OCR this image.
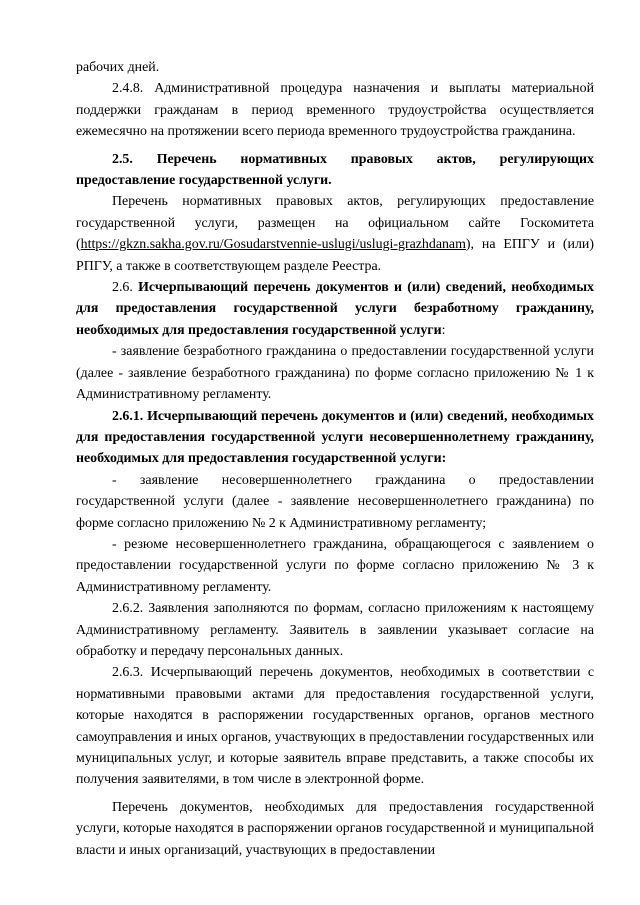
рабочих дней.

2.4.8. Административной процедура назначения и выплаты материальной поддержки гражданам в период временного трудоустройства осуществляется ежемесячно на протяжении всего периода временного трудоустройства гражданина.

2.5. Перечень нормативных правовых актов, регулирующих предоставление государственной услуги.

Перечень нормативных правовых актов, регулирующих предоставление государственной услуги, размещен на официальном сайте Госкомитета (https://gkzn.sakha.gov.ru/Gosudarstvennie-uslugi/uslugi-grazhdanam), на ЕПГУ и (или) РПГУ, а также в соответствующем разделе Реестра.

2.6. Исчерпывающий перечень документов и (или) сведений, необходимых для предоставления государственной услуги безработному гражданину, необходимых для предоставления государственной услуги:

- заявление безработного гражданина о предоставлении государственной услуги (далее - заявление безработного гражданина) по форме согласно приложению № 1 к Административному регламенту.

2.6.1. Исчерпывающий перечень документов и (или) сведений, необходимых для предоставления государственной услуги несовершеннолетнему гражданину, необходимых для предоставления государственной услуги:

- заявление несовершеннолетнего гражданина о предоставлении государственной услуги (далее - заявление несовершеннолетнего гражданина) по форме согласно приложению № 2 к Административному регламенту;

- резюме несовершеннолетнего гражданина, обращающегося с заявлением о предоставлении государственной услуги по форме согласно приложению № 3 к Административному регламенту.

2.6.2. Заявления заполняются по формам, согласно приложениям к настоящему Административному регламенту. Заявитель в заявлении указывает согласие на обработку и передачу персональных данных.

2.6.3. Исчерпывающий перечень документов, необходимых в соответствии с нормативными правовыми актами для предоставления государственной услуги, которые находятся в распоряжении государственных органов, органов местного самоуправления и иных органов, участвующих в предоставлении государственных или муниципальных услуг, и которые заявитель вправе представить, а также способы их получения заявителями, в том числе в электронной форме.

Перечень документов, необходимых для предоставления государственной услуги, которые находятся в распоряжении органов государственной и муниципальной власти и иных организаций, участвующих в предоставлении
